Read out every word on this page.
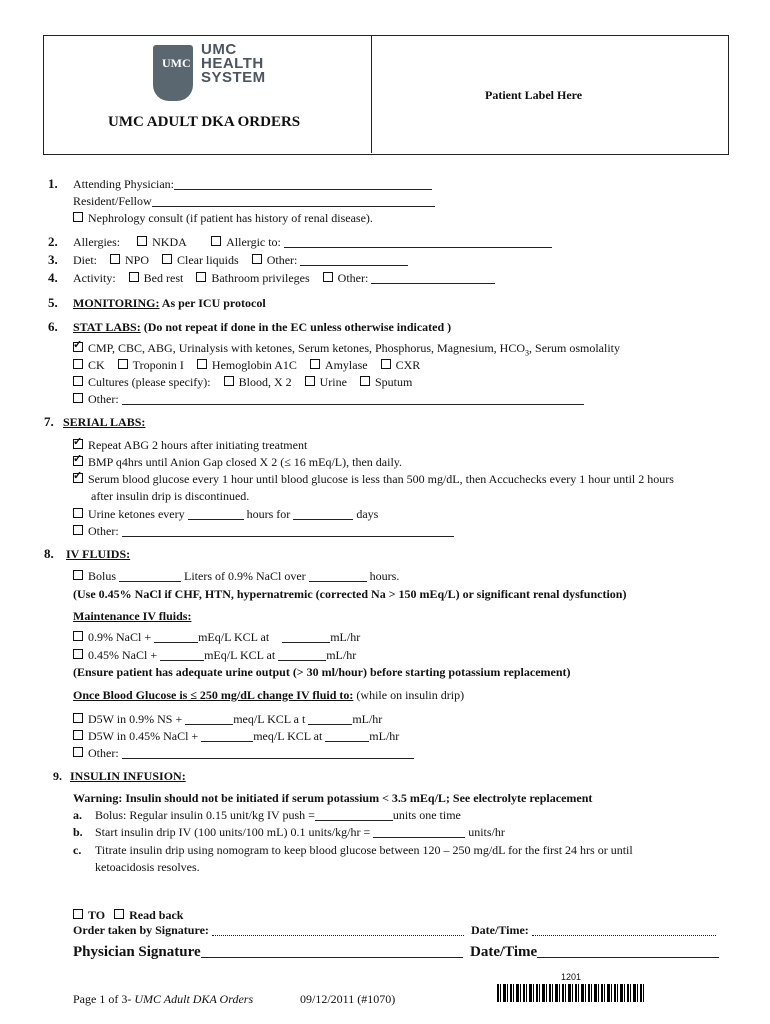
UMC
UMC
HEALTH
SYSTEM
Patient Label Here
UMC ADULT DKA ORDERS
1. Attending Physician:
Resident/Fellow
Nephrology consult (if patient has history of renal disease).
2. Allergies:	NKDA	Allergic to:
3. Diet: NPO Clear liquids Other:
4. Activity: Bed rest Bathroom privileges Other:
5. MONITORING: As per ICU protocol
6. STAT LABS: (Do not repeat if done in the EC unless otherwise indicated )
✓CMP, CBC, ABG, Urinalysis with ketones, Serum ketones, Phosphorus, Magnesium, $HCO_3$, Serum osmolality
CK Troponin I Hemoglobin A1C Amylase CXR
Cultures (please specify): Blood, X 2 Urine Sputum
Other:
7. SERIAL LABS:
✓Repeat ABG 2 hours after initiating treatment
✓BMP q4hrs until Anion Gap closed X 2 (≤ 16 mEq/L), then daily.
✓Serum blood glucose every 1 hour until blood glucose is less than 500 mg/dL, then Accuchecks every 1 hour until 2 hours
after insulin drip is discontinued.
Urine ketones every	hours for	days
Other:
8. IV FLUIDS:
Bolus	Liters of 0.9% NaCl over	hours.
(Use 0.45% NaCl if CHF, HTN, hypernatremic (corrected Na > 150 mEq/L) or significant renal dysfunction)
Maintenance IV fluids:
0.9% NaCl +	mEq/L KCL at	mL/hr
0.45% NaCl +	mEq/L KCL at	mL/hr
(Ensure patient has adequate urine output (> 30 ml/hour) before starting potassium replacement)
Once Blood Glucose is ≤ 250 mg/dL change IV fluid to: (while on insulin drip)
D5W in 0.9% NS +	meq/L KCL a t	mL/hr
D5W in 0.45% NaCl +	meq/L KCL at	mL/hr
Other:
9. INSULIN INFUSION:
Warning: Insulin should not be initiated if serum potassium < 3.5 mEq/L; See electrolyte replacement
a. Bolus: Regular insulin 0.15 unit/kg IV push =	units one time
b. Start insulin drip IV (100 units/100 mL) 0.1 units/kg/hr =	units/hr
c. Titrate insulin drip using nomogram to keep blood glucose between 120 – 250 mg/dL for the first 24 hrs or until
ketoacidosis resolves.
TO Read back
Order taken by Signature:	Date/Time:
Physician Signature	Date/Time
Page 1 of 3- UMC Adult DKA Orders	09/12/2011 (#1070)
1201
